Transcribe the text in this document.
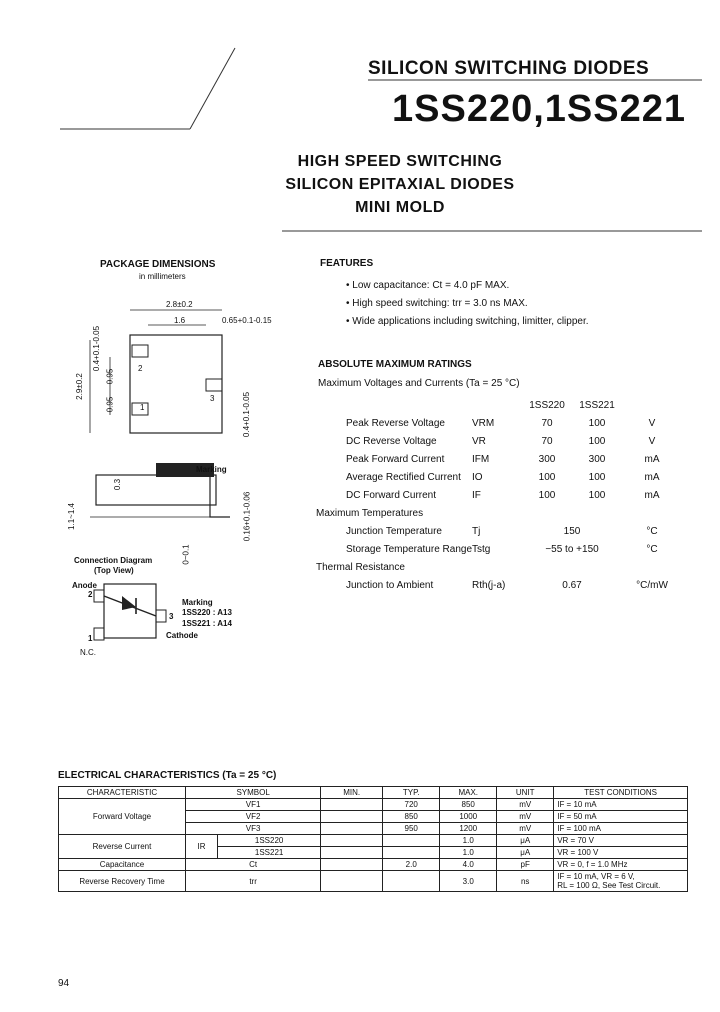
SILICON SWITCHING DIODES
1SS220,1SS221
HIGH SPEED SWITCHING
SILICON EPITAXIAL DIODES
MINI MOLD
PACKAGE DIMENSIONS
in millimeters
2.8±0.2
1.6	0.65+0.1-0.15
0.4+0.1-0.05
2.9±0.2	0.95
0.95	0.4+0.1-0.05
0.3
1.1~1.4	0.16+0.1-0.06
0~0.1
Marking
2
1
3
Connection Diagram
(Top View)
Anode
2
3
1
Marking
1SS220 : A13
1SS221 : A14
Cathode
N.C.
FEATURES
• Low capacitance: Ct = 4.0 pF MAX.
• High speed switching: trr = 3.0 ns MAX.
• Wide applications including switching, limitter, clipper.
ABSOLUTE MAXIMUM RATINGS
Maximum Voltages and Currents (Ta = 25 °C)
		1SS220	1SS221	
Peak Reverse Voltage	VRM	70	100	V
DC Reverse Voltage	VR	70	100	V
Peak Forward Current	IFM	300	300	mA
Average Rectified Current	IO	100	100	mA
DC Forward Current	IF	100	100	mA
Maximum Temperatures				
Junction Temperature	Tj	150		°C
Storage Temperature Range	Tstg	−55 to +150		°C
Thermal Resistance				
Junction to Ambient	Rth(j-a)	0.67		°C/mW
ELECTRICAL CHARACTERISTICS (Ta = 25 °C)
CHARACTERISTIC	SYMBOL		MIN.	TYP.	MAX.	UNIT	TEST CONDITIONS
Forward Voltage	VF1			720	850	mV	IF = 10 mA
	VF2			850	1000	mV	IF = 50 mA
	VF3			950	1200	mV	IF = 100 mA
Reverse Current	IR	1SS220			1.0	μA	VR = 70 V
		1SS221			1.0	μA	VR = 100 V
Capacitance	Ct			2.0	4.0	pF	VR = 0, f = 1.0 MHz
Reverse Recovery Time	trr				3.0	ns	IF = 10 mA, VR = 6 V,
RL = 100 Ω, See Test Circuit.
94
